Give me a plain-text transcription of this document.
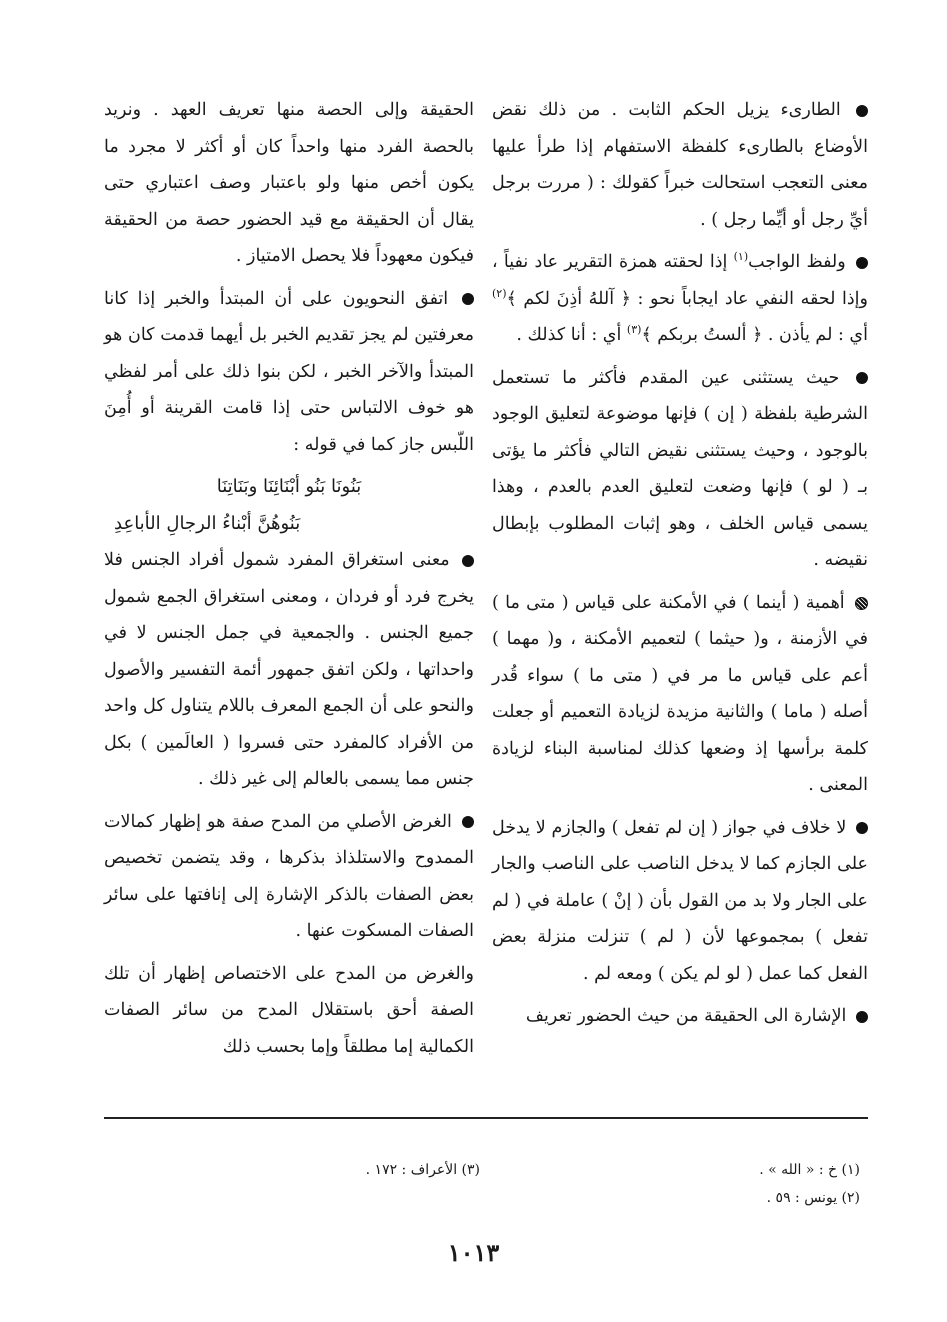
الطارىء يزيل الحكم الثابت . من ذلك نقض الأوضاع بالطارىء كلفظة الاستفهام إذا طرأ عليها معنى التعجب استحالت خبراً كقولك : ( مررت برجل أيِّ رجل أو أيِّما رجل ) .

ولفظ الواجب$^{(١)}$ إذا لحقته همزة التقرير عاد نفياً ، وإذا لحقه النفي عاد ايجاباً نحو : ﴿ آللهُ أذِنَ لكم ﴾$^{(٢)}$ أي : لم يأذن . ﴿ ألستُ بربكم ﴾$^{(٣)}$ أي : أنا كذلك .

حيث يستثنى عين المقدم فأكثر ما تستعمل الشرطية بلفظة ( إن ) فإنها موضوعة لتعليق الوجود بالوجود ، وحيث يستثنى نقيض التالي فأكثر ما يؤتى بـ ( لو ) فإنها وضعت لتعليق العدم بالعدم ، وهذا يسمى قياس الخلف ، وهو إثبات المطلوب بإبطال نقيضه .

أهمية ( أينما ) في الأمكنة على قياس ( متى ما ) في الأزمنة ، و( حيثما ) لتعميم الأمكنة ، و( مهما ) أعم على قياس ما مر في ( متى ما ) سواء قُدر أصله ( ماما ) والثانية مزيدة لزيادة التعميم أو جعلت كلمة برأسها إذ وضعها كذلك لمناسبة البناء لزيادة المعنى .

لا خلاف في جواز ( إن لم تفعل ) والجازم لا يدخل على الجازم كما لا يدخل الناصب على الناصب والجار على الجار ولا بد من القول بأن ( إنْ ) عاملة في ( لم تفعل ) بمجموعها لأن ( لم ) تنزلت منزلة بعض الفعل كما عمل ( لو لم يكن ) ومعه لم .

الإشارة الى الحقيقة من حيث الحضور تعريف

الحقيقة وإلى الحصة منها تعريف العهد . ونريد بالحصة الفرد منها واحداً كان أو أكثر لا مجرد ما يكون أخص منها ولو باعتبار وصف اعتباري حتى يقال أن الحقيقة مع قيد الحضور حصة من الحقيقة فيكون معهوداً فلا يحصل الامتياز .

اتفق النحويون على أن المبتدأ والخبر إذا كانا معرفتين لم يجز تقديم الخبر بل أيهما قدمت كان هو المبتدأ والآخر الخبر ، لكن بنوا ذلك على أمر لفظي هو خوف الالتباس حتى إذا قامت القرينة أو أُمِنَ اللّبس جاز كما في قوله :

بَنُونَا بَنُو أبْنَائِنَا وبَنَاتِنَا

بَنُوهُنَّ أبْناءُ الرجالِ الأباعِدِ

معنى استغراق المفرد شمول أفراد الجنس فلا يخرج فرد أو فردان ، ومعنى استغراق الجمع شمول جميع الجنس . والجمعية في جمل الجنس لا في واحداتها ، ولكن اتفق جمهور أئمة التفسير والأصول والنحو على أن الجمع المعرف باللام يتناول كل واحد من الأفراد كالمفرد حتى فسروا ( العالَمين ) بكل جنس مما يسمى بالعالم إلى غير ذلك .

الغرض الأصلي من المدح صفة هو إظهار كمالات الممدوح والاستلذاذ بذكرها ، وقد يتضمن تخصيص بعض الصفات بالذكر الإشارة إلى إنافتها على سائر الصفات المسكوت عنها .

والغرض من المدح على الاختصاص إظهار أن تلك الصفة أحق باستقلال المدح من سائر الصفات الكمالية إما مطلقاً وإما بحسب ذلك

(١) خ : « الله » .
(٢) يونس : ٥٩ .
(٣) الأعراف : ١٧٢ .
١٠١٣
